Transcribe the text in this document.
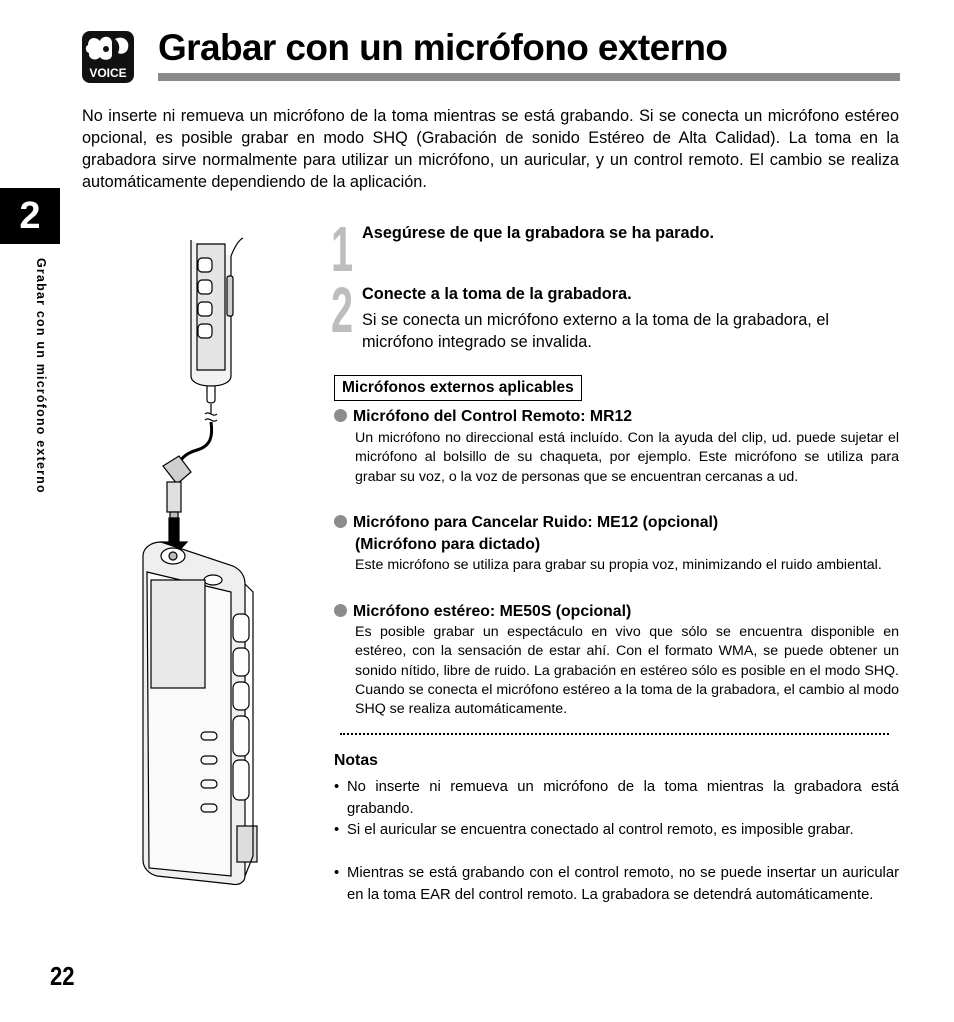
VOICE
Grabar con un micrófono externo

No inserte ni remueva un micrófono de la toma mientras se está grabando. Si se conecta un micrófono estéreo opcional, es posible grabar en modo SHQ (Grabación de sonido Estéreo de Alta Calidad). La toma en la grabadora sirve normalmente para utilizar un micrófono, un auricular, y un control remoto. El cambio se realiza automáticamente dependiendo de la aplicación.

2
Grabar con un micrófono externo
1 Asegúrese de que la grabadora se ha parado.
2 Conecte a la toma de la grabadora.
Si se conecta un micrófono externo a la toma de la grabadora, el micrófono integrado se invalida.
Micrófonos externos aplicables
Micrófono del Control Remoto: MR12
Un micrófono no direccional está incluído. Con la ayuda del clip, ud. puede sujetar el micrófono al bolsillo de su chaqueta, por ejemplo. Este micrófono se utiliza para grabar su voz, o la voz de personas que se encuentran cercanas a ud.
Micrófono para Cancelar Ruido: ME12 (opcional)
(Micrófono para dictado)
Este micrófono se utiliza para grabar su propia voz, minimizando el ruido ambiental.
Micrófono estéreo: ME50S (opcional)
Es posible grabar un espectáculo en vivo que sólo se encuentra disponible en estéreo, con la sensación de estar ahí. Con el formato WMA, se puede obtener un sonido nítido, libre de ruido. La grabación en estéreo sólo es posible en el modo SHQ. Cuando se conecta el micrófono estéreo a la toma de la grabadora, el cambio al modo SHQ se realiza automáticamente.
Notas
• No inserte ni remueva un micrófono de la toma mientras la grabadora está grabando.
• Si el auricular se encuentra conectado al control remoto, es imposible grabar.
• Mientras se está grabando con el control remoto, no se puede insertar un auricular en la toma EAR del control remoto. La grabadora se detendrá automáticamente.
22
